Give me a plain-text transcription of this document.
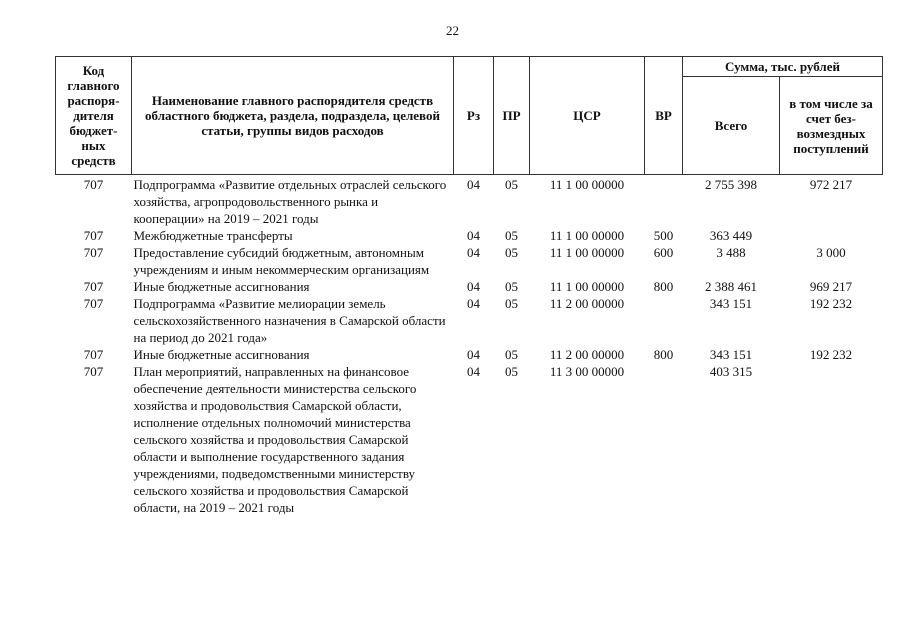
22
Код главного распоря-дителя бюджет-ных средств	Наименование главного распорядителя средств областного бюджета, раздела, подраздела, целевой статьи, группы видов расходов	Рз	ПР	ЦСР	ВР	Сумма, тыс. рублей	
						Всего	в том числе за счет без-возмездных поступлений
707	Подпрограмма «Развитие отдельных отраслей сельского хозяйства, агропродовольственного рынка и кооперации» на 2019 – 2021 годы	04	05	11 1 00 00000		2 755 398	972 217
707	Межбюджетные трансферты	04	05	11 1 00 00000	500	363 449	
707	Предоставление субсидий бюджетным, автономным учреждениям и иным некоммерческим организациям	04	05	11 1 00 00000	600	3 488	3 000
707	Иные бюджетные ассигнования	04	05	11 1 00 00000	800	2 388 461	969 217
707	Подпрограмма «Развитие мелиорации земель сельскохозяйственного назначения в Самарской области на период до 2021 года»	04	05	11 2 00 00000		343 151	192 232
707	Иные бюджетные ассигнования	04	05	11 2 00 00000	800	343 151	192 232
707	План мероприятий, направленных на финансовое обеспечение деятельности министерства сельского хозяйства и продовольствия Самарской области, исполнение отдельных полномочий министерства сельского хозяйства и продовольствия Самарской области и выполнение государственного задания учреждениями, подведомственными министерству сельского хозяйства и продовольствия Самарской области, на 2019 – 2021 годы	04	05	11 3 00 00000		403 315	
